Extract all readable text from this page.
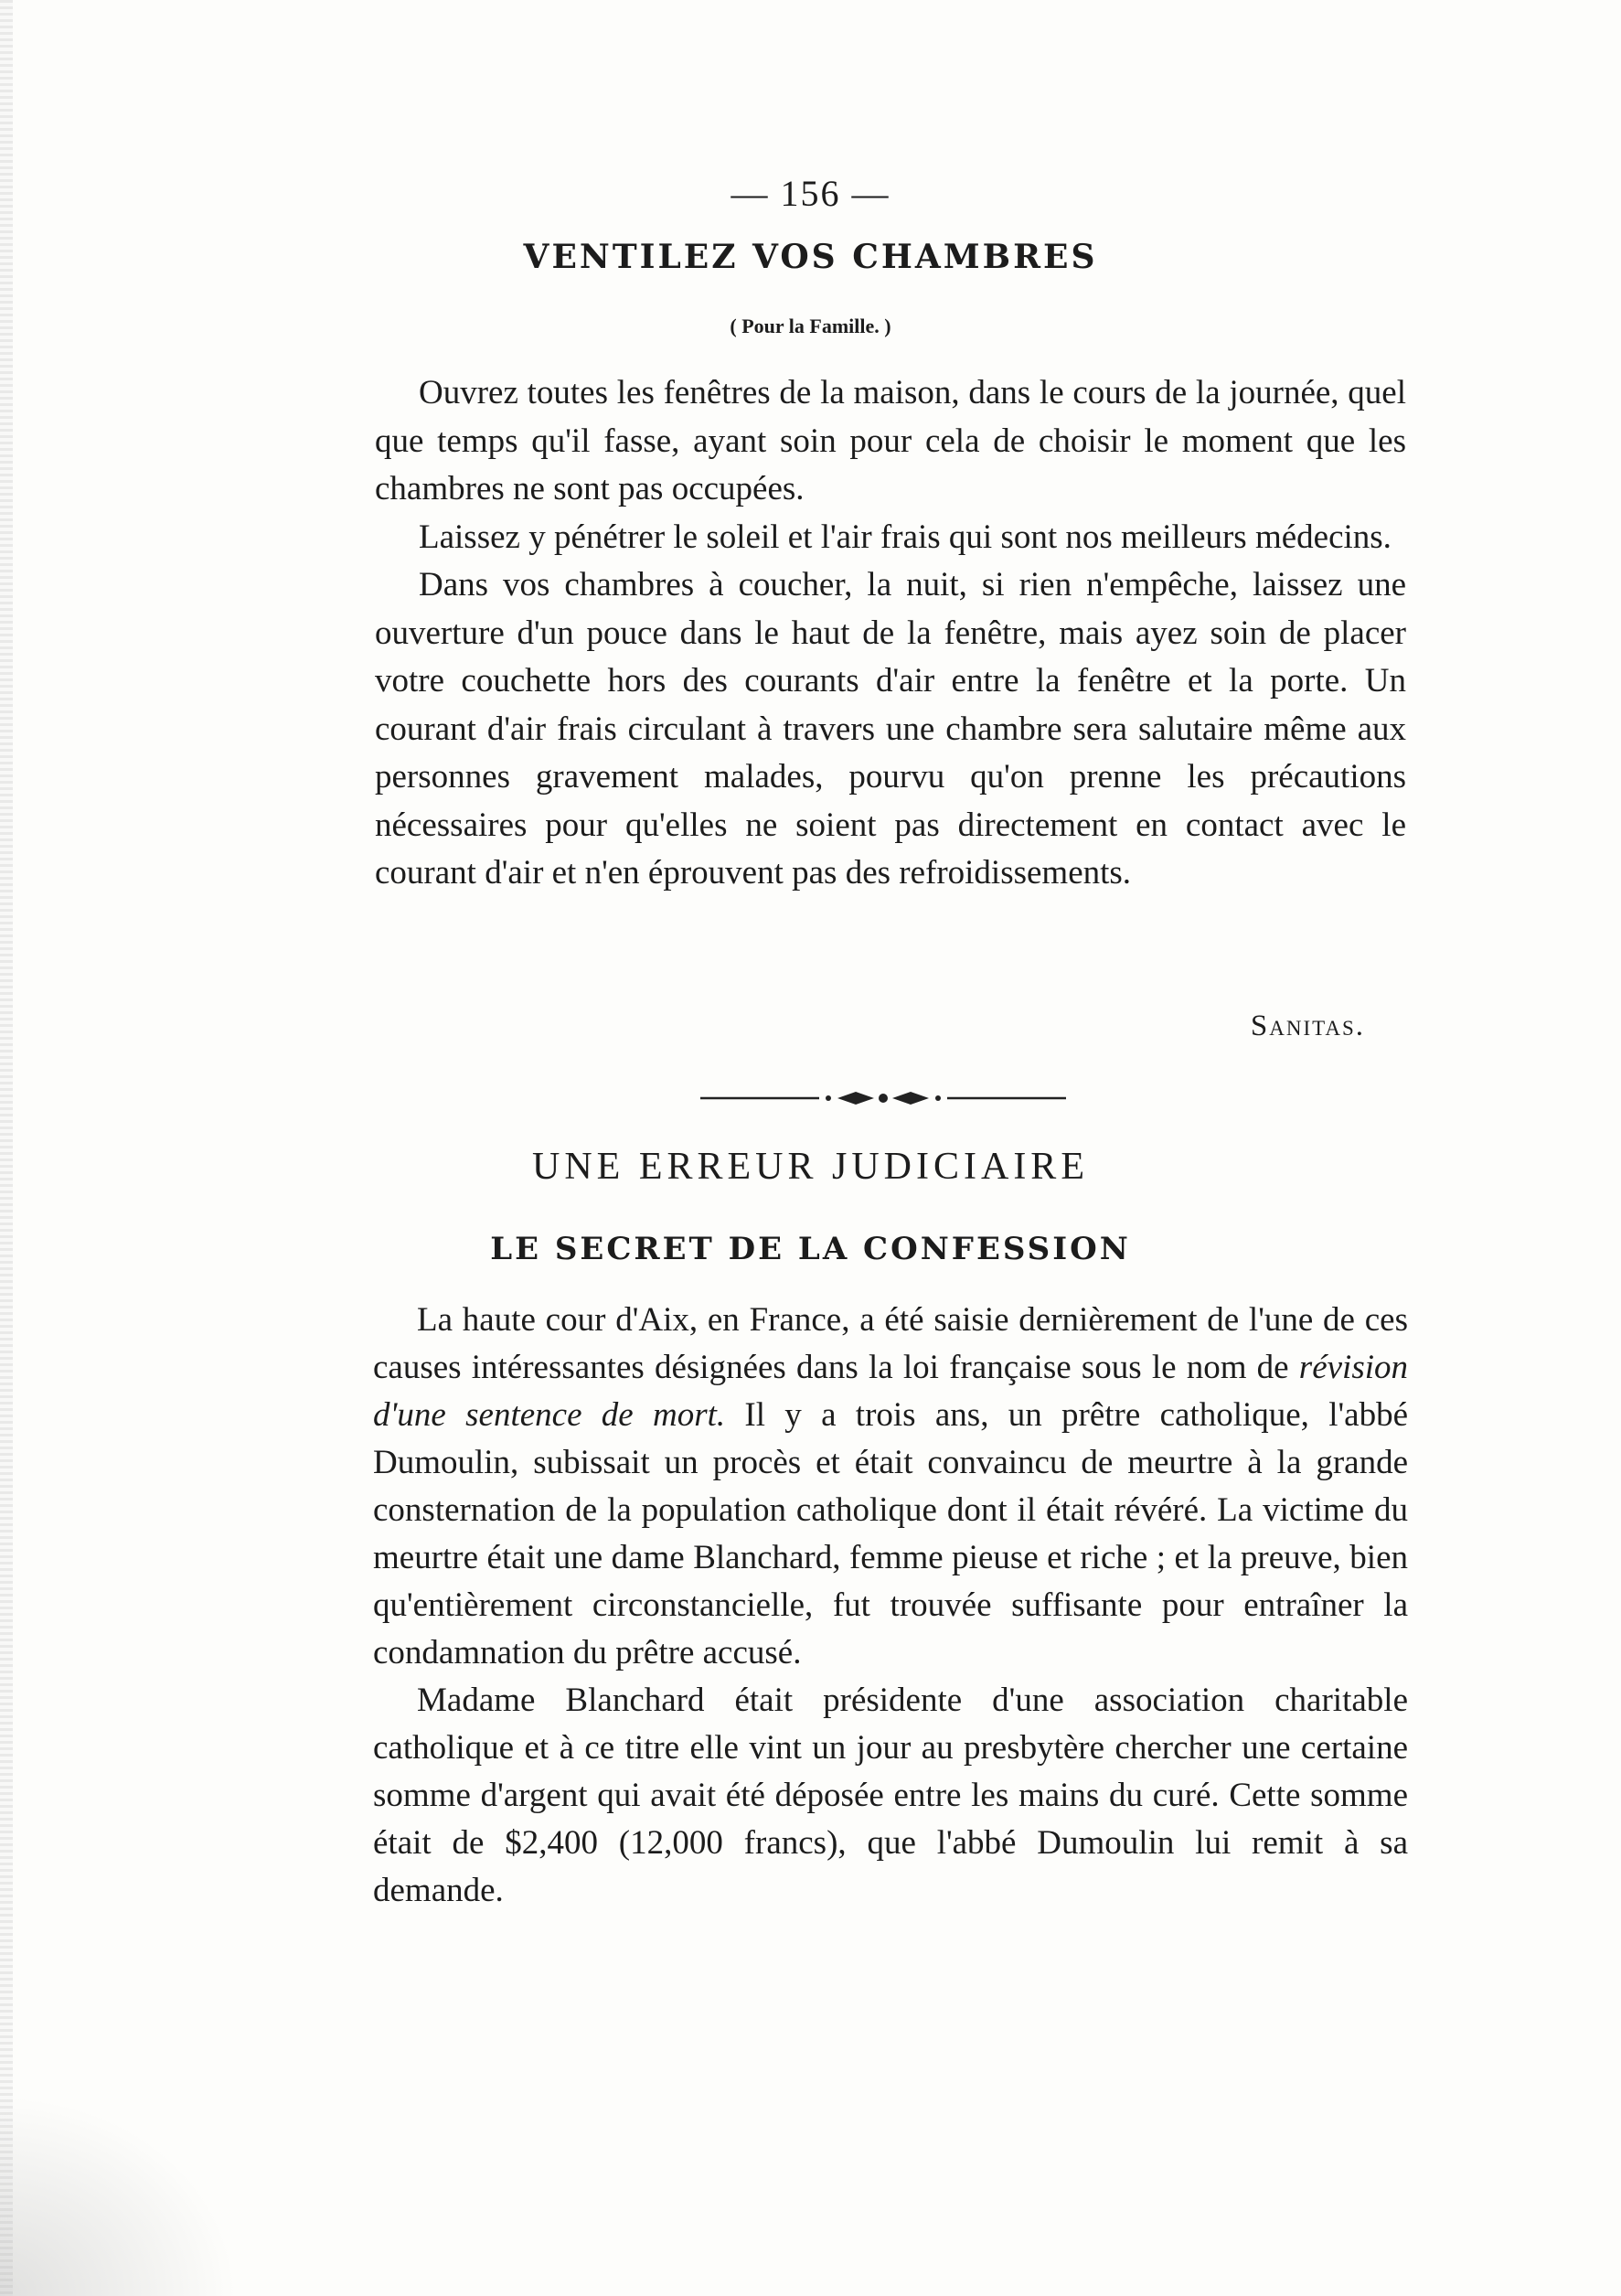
— 156 —
VENTILEZ VOS CHAMBRES
( Pour la Famille. )

Ouvrez toutes les fenêtres de la maison, dans le cours de la journée, quel que temps qu'il fasse, ayant soin pour cela de choisir le moment que les chambres ne sont pas occupées.

Laissez y pénétrer le soleil et l'air frais qui sont nos meilleurs médecins.

Dans vos chambres à coucher, la nuit, si rien n'empêche, laissez une ouverture d'un pouce dans le haut de la fenêtre, mais ayez soin de placer votre couchette hors des courants d'air entre la fenêtre et la porte. Un courant d'air frais circulant à travers une chambre sera salutaire même aux personnes gravement malades, pourvu qu'on prenne les précautions nécessaires pour qu'elles ne soient pas directement en contact avec le courant d'air et n'en éprouvent pas des refroidissements.

Sanitas.
UNE ERREUR JUDICIAIRE
LE SECRET DE LA CONFESSION

La haute cour d'Aix, en France, a été saisie dernièrement de l'une de ces causes intéressantes désignées dans la loi française sous le nom de révision d'une sentence de mort. Il y a trois ans, un prêtre catholique, l'abbé Dumoulin, subissait un procès et était convaincu de meurtre à la grande consternation de la population catholique dont il était révéré. La victime du meurtre était une dame Blanchard, femme pieuse et riche ; et la preuve, bien qu'entièrement circonstancielle, fut trouvée suffisante pour entraîner la condamnation du prêtre accusé.

Madame Blanchard était présidente d'une association charitable catholique et à ce titre elle vint un jour au presbytère chercher une certaine somme d'argent qui avait été déposée entre les mains du curé. Cette somme était de $2,400 (12,000 francs), que l'abbé Dumoulin lui remit à sa demande.
